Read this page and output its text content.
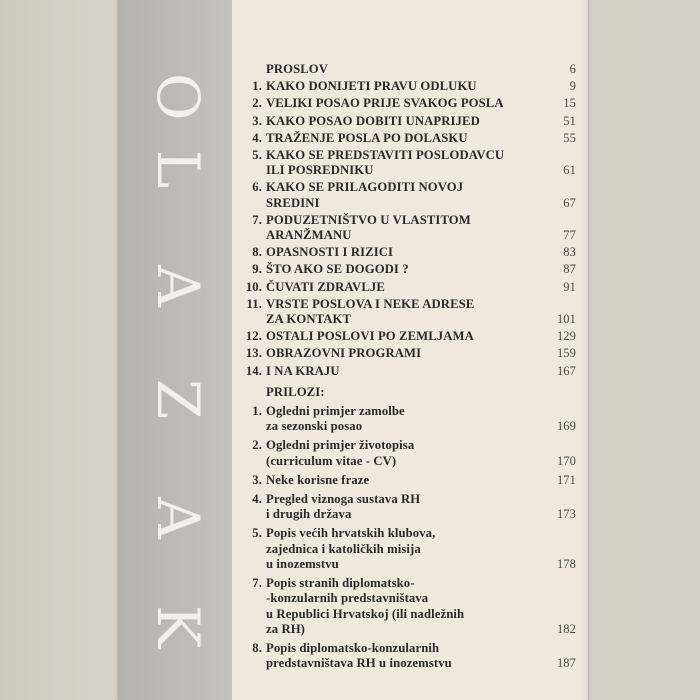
K
A
Z
A
L
O
PROSLOV	6
1. KAKO DONIJETI PRAVU ODLUKU	9
2. VELIKI POSAO PRIJE SVAKOG POSLA	15
3. KAKO POSAO DOBITI UNAPRIJED	51
4. TRAŽENJE POSLA PO DOLASKU	55
5. KAKO SE PREDSTAVITI POSLODAVCU
ILI POSREDNIKU	61
6. KAKO SE PRILAGODITI NOVOJ
SREDINI	67
7. PODUZETNIŠTVO U VLASTITOM
ARANŽMANU	77
8. OPASNOSTI I RIZICI	83
9. ŠTO AKO SE DOGODI ?	87
10. ČUVATI ZDRAVLJE	91
11. VRSTE POSLOVA I NEKE ADRESE
ZA KONTAKT	101
12. OSTALI POSLOVI PO ZEMLJAMA	129
13. OBRAZOVNI PROGRAMI	159
14. I NA KRAJU	167
PRILOZI:
1. Ogledni primjer zamolbe
za sezonski posao	169
2. Ogledni primjer životopisa
(curriculum vitae - CV)	170
3. Neke korisne fraze	171
4. Pregled viznoga sustava RH
i drugih država	173
5. Popis većih hrvatskih klubova,
zajednica i katoličkih misija
u inozemstvu	178
7. Popis stranih diplomatsko-
-konzularnih predstavništava
u Republici Hrvatskoj (ili nadležnih
za RH)	182
8. Popis diplomatsko-konzularnih
predstavništava RH u inozemstvu	187
